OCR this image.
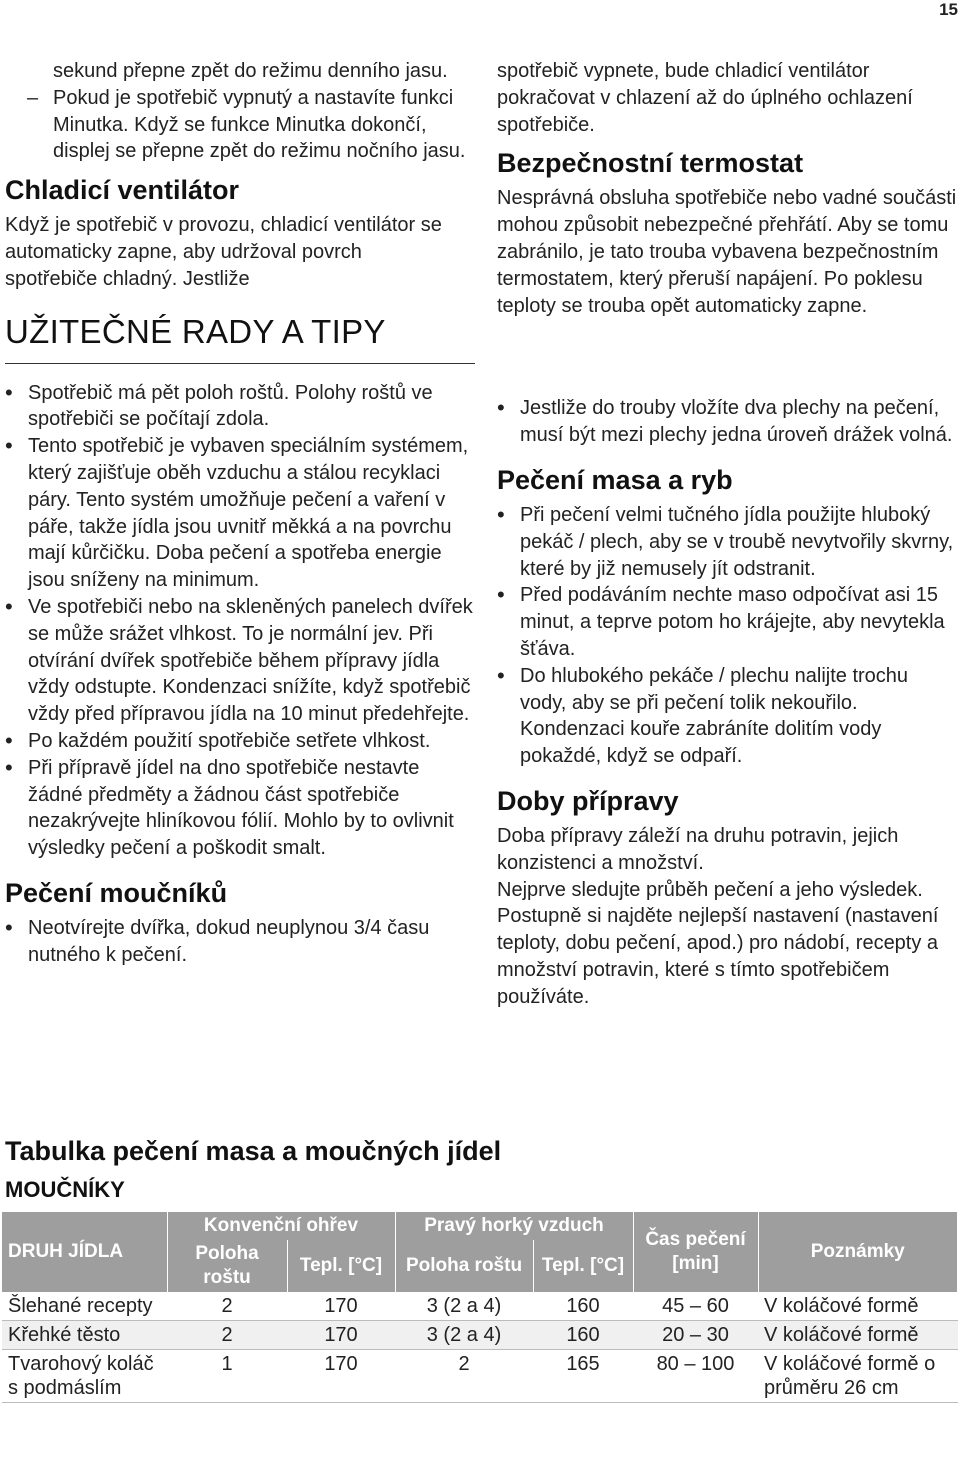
15

sekund přepne zpět do režimu denního jasu.

– Pokud je spotřebič vypnutý a nastavíte funkci Minutka. Když se funkce Minutka dokončí, displej se přepne zpět do režimu nočního jasu.

Chladicí ventilátor

Když je spotřebič v provozu, chladicí ventilátor se automaticky zapne, aby udržoval povrch spotřebiče chladný. Jestliže

UŽITEČNÉ RADY A TIPY
• Spotřebič má pět poloh roštů. Polohy roštů ve spotřebiči se počítají zdola.
• Tento spotřebič je vybaven speciálním systémem, který zajišťuje oběh vzduchu a stálou recyklaci páry. Tento systém umožňuje pečení a vaření v páře, takže jídla jsou uvnitř měkká a na povrchu mají kůrčičku. Doba pečení a spotřeba energie jsou sníženy na minimum.
• Ve spotřebiči nebo na skleněných panelech dvířek se může srážet vlhkost. To je normální jev. Při otvírání dvířek spotřebiče během přípravy jídla vždy odstupte. Kondenzaci snížíte, když spotřebič vždy před přípravou jídla na 10 minut předehřejte.
• Po každém použití spotřebiče setřete vlhkost.
• Při přípravě jídel na dno spotřebiče nestavte žádné předměty a žádnou část spotřebiče nezakrývejte hliníkovou fólií. Mohlo by to ovlivnit výsledky pečení a poškodit smalt.
Pečení moučníků
• Neotvírejte dvířka, dokud neuplynou 3/4 času nutného k pečení.

spotřebič vypnete, bude chladicí ventilátor pokračovat v chlazení až do úplného ochlazení spotřebiče.

Bezpečnostní termostat

Nesprávná obsluha spotřebiče nebo vadné součásti mohou způsobit nebezpečné přehřátí. Aby se tomu zabránilo, je tato trouba vybavena bezpečnostním termostatem, který přeruší napájení. Po poklesu teploty se trouba opět automaticky zapne.

• Jestliže do trouby vložíte dva plechy na pečení, musí být mezi plechy jedna úroveň drážek volná.
Pečení masa a ryb
• Při pečení velmi tučného jídla použijte hluboký pekáč / plech, aby se v troubě nevytvořily skvrny, které by již nemusely jít odstranit.
• Před podáváním nechte maso odpočívat asi 15 minut, a teprve potom ho krájejte, aby nevytekla šťáva.
• Do hlubokého pekáče / plechu nalijte trochu vody, aby se při pečení tolik nekouřilo. Kondenzaci kouře zabráníte dolitím vody pokaždé, když se odpaří.
Doby přípravy

Doba přípravy záleží na druhu potravin, jejich konzistenci a množství.

Nejprve sledujte průběh pečení a jeho výsledek. Postupně si najděte nejlepší nastavení (nastavení teploty, dobu pečení, apod.) pro nádobí, recepty a množství potravin, které s tímto spotřebičem používáte.

Tabulka pečení masa a moučných jídel
MOUČNÍKY
DRUH JÍDLA	Konvenční ohřev		Pravý horký vzduch		Čas pečení [min]	Poznámky
	Poloha roštu	Tepl. [°C]	Poloha roštu	Tepl. [°C]		
Šlehané recepty	2	170	3 (2 a 4)	160	45 – 60	V koláčové formě
Křehké těsto	2	170	3 (2 a 4)	160	20 – 30	V koláčové formě
Tvarohový koláč s podmáslím	1	170	2	165	80 – 100	V koláčové formě o průměru 26 cm
